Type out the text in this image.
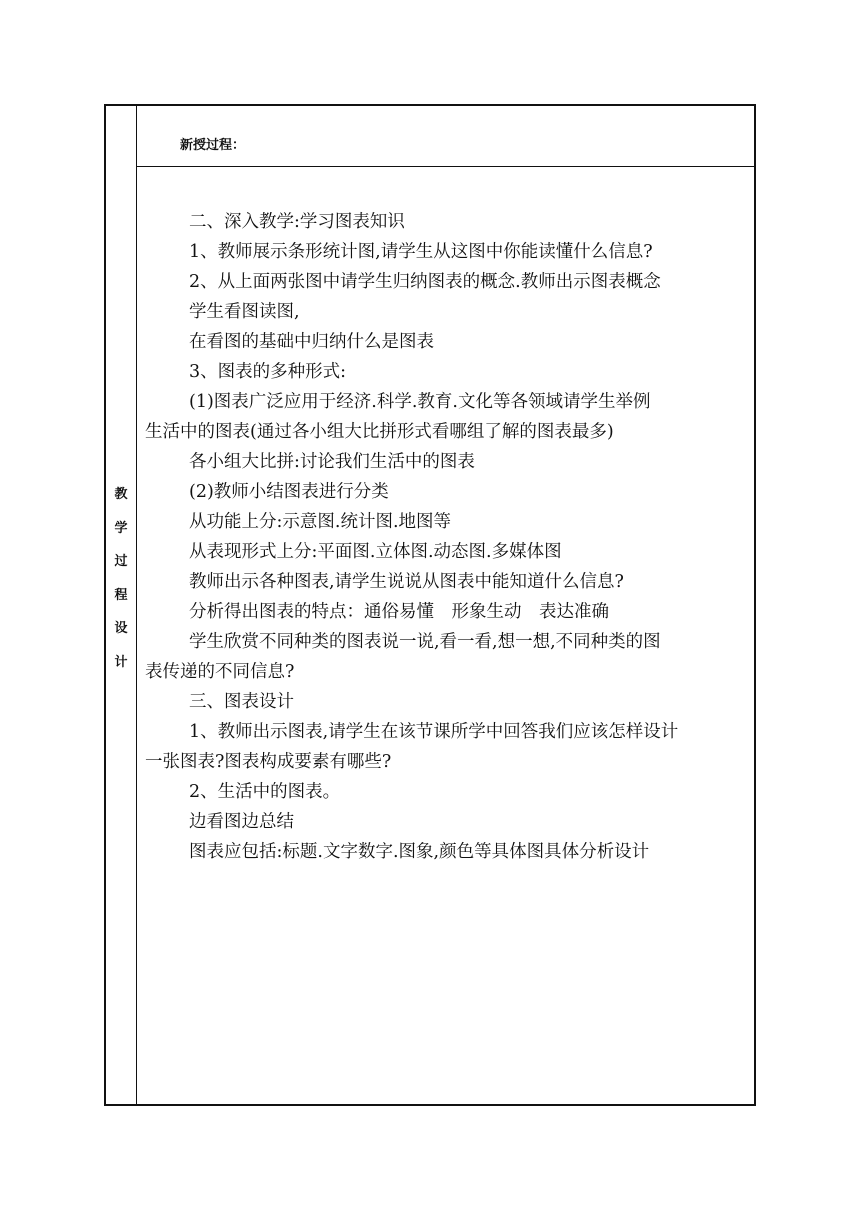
教
学
过
程
设
计
新授过程：

二、深入教学:学习图表知识

1、教师展示条形统计图,请学生从这图中你能读懂什么信息?

2、从上面两张图中请学生归纳图表的概念.教师出示图表概念

学生看图读图,

在看图的基础中归纳什么是图表

3、图表的多种形式:

(1)图表广泛应用于经济.科学.教育.文化等各领域请学生举例

生活中的图表(通过各小组大比拼形式看哪组了解的图表最多)

各小组大比拼:讨论我们生活中的图表

(2)教师小结图表进行分类

从功能上分:示意图.统计图.地图等

从表现形式上分:平面图.立体图.动态图.多媒体图

教师出示各种图表,请学生说说从图表中能知道什么信息?

分析得出图表的特点：通俗易懂　形象生动　表达准确

学生欣赏不同种类的图表说一说,看一看,想一想,不同种类的图

表传递的不同信息?

三、图表设计

1、教师出示图表,请学生在该节课所学中回答我们应该怎样设计

一张图表?图表构成要素有哪些?

2、生活中的图表。

边看图边总结

图表应包括:标题.文字数字.图象,颜色等具体图具体分析设计
